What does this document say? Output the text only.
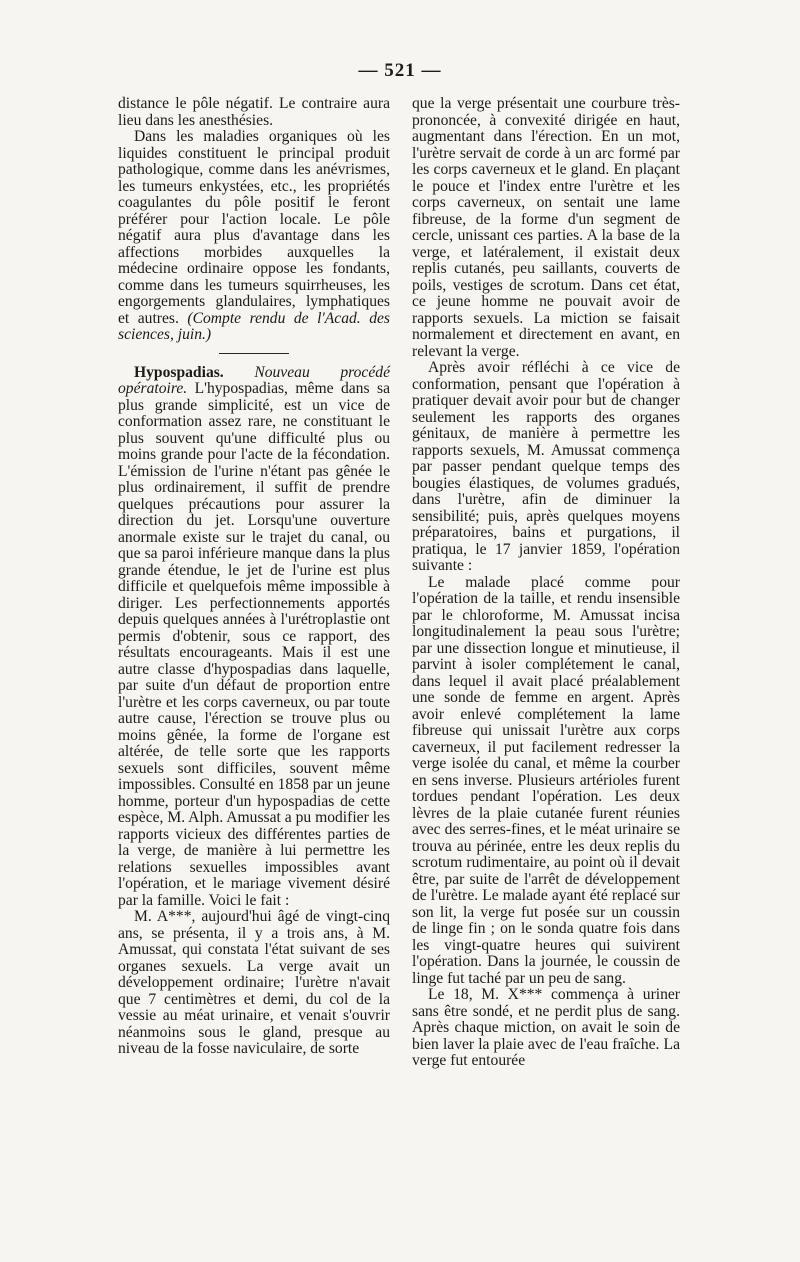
— 521 —

distance le pôle négatif. Le contraire aura lieu dans les anesthésies.

Dans les maladies organiques où les liquides constituent le principal produit pathologique, comme dans les anévrismes, les tumeurs enkystées, etc., les propriétés coagulantes du pôle positif le feront préférer pour l'action locale. Le pôle négatif aura plus d'avantage dans les affections morbides auxquelles la médecine ordinaire oppose les fondants, comme dans les tumeurs squirrheuses, les engorgements glandulaires, lymphatiques et autres. (Compte rendu de l'Acad. des sciences, juin.)

Hypospadias. Nouveau procédé opératoire. L'hypospadias, même dans sa plus grande simplicité, est un vice de conformation assez rare, ne constituant le plus souvent qu'une difficulté plus ou moins grande pour l'acte de la fécondation. L'émission de l'urine n'étant pas gênée le plus ordinairement, il suffit de prendre quelques précautions pour assurer la direction du jet. Lorsqu'une ouverture anormale existe sur le trajet du canal, ou que sa paroi inférieure manque dans la plus grande étendue, le jet de l'urine est plus difficile et quelquefois même impossible à diriger. Les perfectionnements apportés depuis quelques années à l'urétroplastie ont permis d'obtenir, sous ce rapport, des résultats encourageants. Mais il est une autre classe d'hypospadias dans laquelle, par suite d'un défaut de proportion entre l'urètre et les corps caverneux, ou par toute autre cause, l'érection se trouve plus ou moins gênée, la forme de l'organe est altérée, de telle sorte que les rapports sexuels sont difficiles, souvent même impossibles. Consulté en 1858 par un jeune homme, porteur d'un hypospadias de cette espèce, M. Alph. Amussat a pu modifier les rapports vicieux des différentes parties de la verge, de manière à lui permettre les relations sexuelles impossibles avant l'opération, et le mariage vivement désiré par la famille. Voici le fait :

M. A***, aujourd'hui âgé de vingt-cinq ans, se présenta, il y a trois ans, à M. Amussat, qui constata l'état suivant de ses organes sexuels. La verge avait un développement ordinaire; l'urètre n'avait que 7 centimètres et demi, du col de la vessie au méat urinaire, et venait s'ouvrir néanmoins sous le gland, presque au niveau de la fosse naviculaire, de sorte

que la verge présentait une courbure très-prononcée, à convexité dirigée en haut, augmentant dans l'érection. En un mot, l'urètre servait de corde à un arc formé par les corps caverneux et le gland. En plaçant le pouce et l'index entre l'urètre et les corps caverneux, on sentait une lame fibreuse, de la forme d'un segment de cercle, unissant ces parties. A la base de la verge, et latéralement, il existait deux replis cutanés, peu saillants, couverts de poils, vestiges de scrotum. Dans cet état, ce jeune homme ne pouvait avoir de rapports sexuels. La miction se faisait normalement et directement en avant, en relevant la verge.

Après avoir réfléchi à ce vice de conformation, pensant que l'opération à pratiquer devait avoir pour but de changer seulement les rapports des organes génitaux, de manière à permettre les rapports sexuels, M. Amussat commença par passer pendant quelque temps des bougies élastiques, de volumes gradués, dans l'urètre, afin de diminuer la sensibilité; puis, après quelques moyens préparatoires, bains et purgations, il pratiqua, le 17 janvier 1859, l'opération suivante :

Le malade placé comme pour l'opération de la taille, et rendu insensible par le chloroforme, M. Amussat incisa longitudinalement la peau sous l'urètre; par une dissection longue et minutieuse, il parvint à isoler complétement le canal, dans lequel il avait placé préalablement une sonde de femme en argent. Après avoir enlevé complétement la lame fibreuse qui unissait l'urètre aux corps caverneux, il put facilement redresser la verge isolée du canal, et même la courber en sens inverse. Plusieurs artérioles furent tordues pendant l'opération. Les deux lèvres de la plaie cutanée furent réunies avec des serres-fines, et le méat urinaire se trouva au périnée, entre les deux replis du scrotum rudimentaire, au point où il devait être, par suite de l'arrêt de développement de l'urètre. Le malade ayant été replacé sur son lit, la verge fut posée sur un coussin de linge fin ; on le sonda quatre fois dans les vingt-quatre heures qui suivirent l'opération. Dans la journée, le coussin de linge fut taché par un peu de sang.

Le 18, M. X*** commença à uriner sans être sondé, et ne perdit plus de sang. Après chaque miction, on avait le soin de bien laver la plaie avec de l'eau fraîche. La verge fut entourée
